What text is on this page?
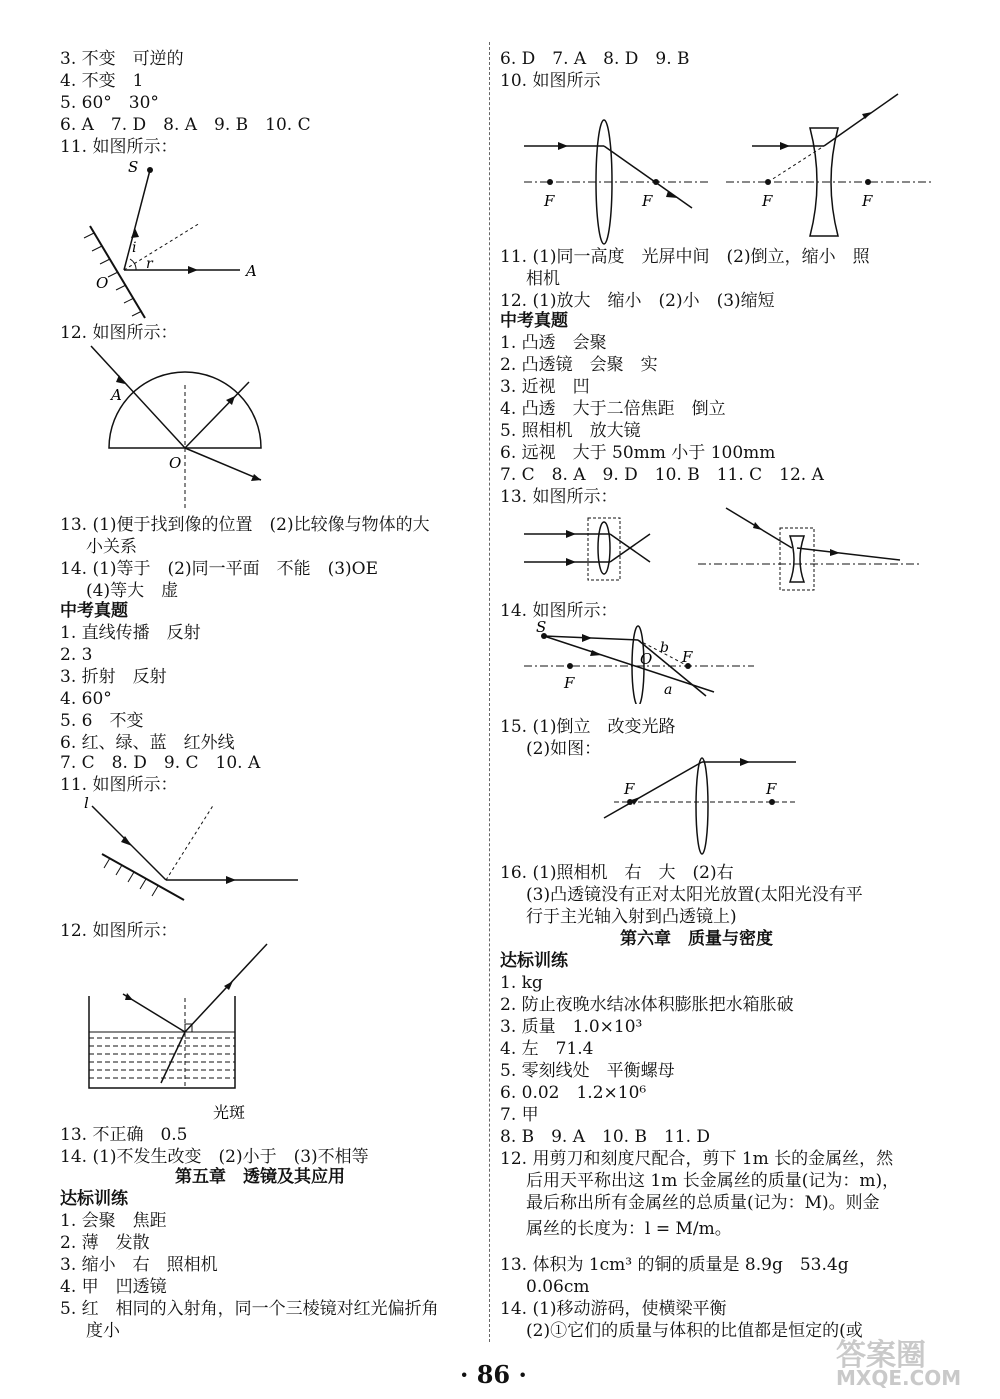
3. 不变　可逆的
4. 不变　1
5. 60°　30°
6. A　7. D　8. A　9. B　10. C
11. 如图所示：
S
i
r
O
A
12. 如图所示：
A
O
13. (1)便于找到像的位置　(2)比较像与物体的大
小关系
14. (1)等于　(2)同一平面　不能　(3)OE
(4)等大　虚
中考真题
1. 直线传播　反射
2. 3
3. 折射　反射
4. 60°
5. 6　不变
6. 红、绿、蓝　红外线
7. C　8. D　9. C　10. A
11. 如图所示：
l
12. 如图所示：
光斑
13. 不正确　0.5
14. (1)不发生改变　(2)小于　(3)不相等
第五章　透镜及其应用
达标训练
1. 会聚　焦距
2. 薄　发散
3. 缩小　右　照相机
4. 甲　凹透镜
5. 红　相同的入射角，同一个三棱镜对红光偏折角
度小
6. D　7. A　8. D　9. B
10. 如图所示
F	F	F	F
11. (1)同一高度　光屏中间　(2)倒立，缩小　照
相机
12. (1)放大　缩小　(2)小　(3)缩短
中考真题
1. 凸透　会聚
2. 凸透镜　会聚　实
3. 近视　凹
4. 凸透　大于二倍焦距　倒立
5. 照相机　放大镜
6. 远视　大于 50mm 小于 100mm
7. C　8. A　9. D　10. B　11. C　12. A
13. 如图所示：
14. 如图所示：
S
F
F
O
b
a
15. (1)倒立　改变光路
(2)如图：
F	F
16. (1)照相机　右　大　(2)右
(3)凸透镜没有正对太阳光放置(太阳光没有平
行于主光轴入射到凸透镜上)
第六章　质量与密度
达标训练
1. kg
2. 防止夜晚水结冰体积膨胀把水箱胀破
3. 质量　1.0×10³
4. 左　71.4
5. 零刻线处　平衡螺母
6. 0.02　1.2×10⁶
7. 甲
8. B　9. A　10. B　11. D
12. 用剪刀和刻度尺配合，剪下 1m 长的金属丝，然
后用天平称出这 1m 长金属丝的质量(记为：m)，
最后称出所有金属丝的总质量(记为：M)。则金
属丝的长度为：l = M/m。
13. 体积为 1cm³ 的铜的质量是 8.9g　53.4g
0.06cm
14. (1)移动游码，使横梁平衡
(2)①它们的质量与体积的比值都是恒定的(或
· 86 ·
答案圈
MXQE.COM
